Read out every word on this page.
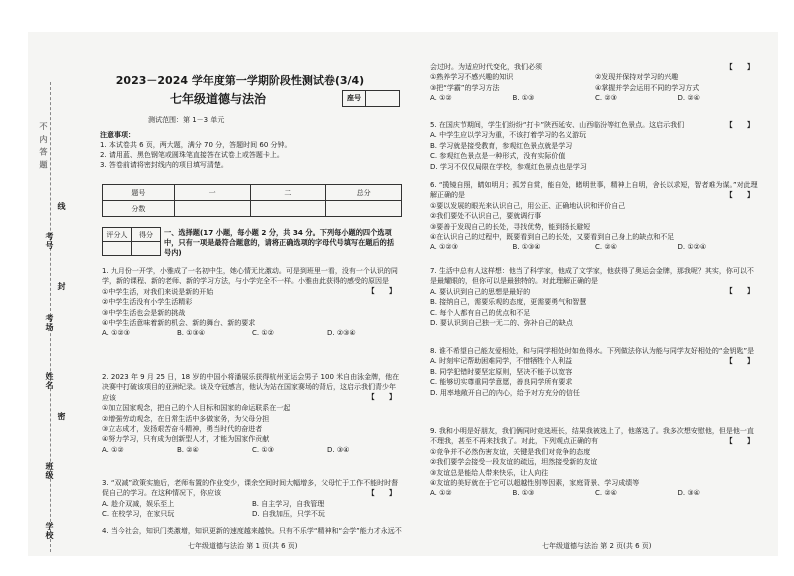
不 内 答 题
考号
考场
封
线
姓名
密
班级
学校
2023－2024 学年度第一学期阶段性测试卷(3/4)
七年级道德与法治	座号
测试范围：第 1－3 单元
注意事项：
1. 本试卷共 6 页，两大题，满分 70 分，答题时间 60 分钟。
2. 请用蓝、黑色钢笔或圆珠笔直接答在试卷上或答题卡上。
3. 答卷前请将密封线内的项目填写清楚。
题号	一	二	总分
分数			
评分人	得分
	一、选择题(17 小题，每小题 2 分，共 34 分。下列每小题的四个选项中，只有一项是最符合题意的，请将正确选项的字母代号填写在题后的括号内)
1. 九月份一开学，小雅成了一名初中生，她心情无比激动。可是到班里一看，没有一个认识的同学，新的课程、新的老师、新的学习方法，与小学完全不一样。小雅由此获得的感受的原因是
【 】
①中学生活，对我们来说是新的开始
②中学生活没有小学生活精彩
③中学生活也会是新的挑战
④中学生活意味着新的机会、新的舞台、新的要求
A. ①②③	B. ①③④	C. ①②	D. ②③④
2. 2023 年 9 月 25 日，18 岁的中国小将潘展乐获得杭州亚运会男子 100 米自由泳金牌，他在决赛中打破该项目的亚洲纪录。谈及夺冠感言，他认为站在国家赛场的背后，这启示我们青少年应该	【 】
①加立国家观念，把自己的个人目标和国家的命运联系在一起
②增强劳动观念，在日常生活中多做家务，为父母分担
③立志成才，发扬艰苦奋斗精神，勇当时代的奋进者
④努力学习，只有成为创新型人才，才能为国家作贡献
A. ①②	B. ②④	C. ①③	D. ③④
3. “双减”政策实施后，老师布置的作业变少，课余空间时间大幅增多，父母忙于工作不能时时督促自己的学习。在这种情况下，你应该	【 】
A. 趁介双减，娱乐至上	B. 自主学习，自我管理
C. 在校学习，在家只玩	D. 自我加压，只学不玩
4. 当今社会，知识门类激增，知识更新的速度越来越快。只有不乐学“精神和“会学”能力才永远不
七年级道德与法治 第 1 页(共 6 页)
会过时。为适应时代变化，我们必须	【 】
①熟养学习不感兴趣的知识	②发现并保持对学习的兴趣
③把“学霸”的学习方法	④掌握并学会运用不同的学习方式
A. ①②	B. ①③	C. ②③	D. ②④
5. 在国庆节期间，学生们纷纷“打卡”陕西延安、山西临汾等红色景点。这启示我们	【 】
A. 中学生应以学习为重，不该打着学习的名义游玩
B. 学习就是接受教育，参观红色景点就是学习
C. 参观红色景点是一种形式，没有实际价值
D. 学习不仅仅局限在学校，参观红色景点也是学习
6. “揽镜自照，睛如明月；孤芳自赏，能自处，睹明世事，精神上自明，舍长以求短，智者难为谋。”对此理解正确的是	【 】
①要以发展的眼光来认识自己，用公正、正确地认识和评价自己
②我们要处不认识自己，要就调行事
③要善于发现自己的长处，寻找优势，能到扬长避短
④在认识自己的过程中，既要看到自己的长处，又要看到自己身上的缺点和不足
A. ①②③	B. ①③④	C. ②④	D. ①②④
7. 生活中总有人这样想：他当了科学家，他成了文学家，他获得了奥运会金牌，那我呢？其实，你可以不是最耀眼的，但你可以是最独特的。对此理解正确的是
【 】
A. 要认识到自己的思想是最好的
B. 接纳自己，需要乐观的态度，更需要勇气和智慧
C. 每个人都有自己的优点和不足
D. 要认识到自己独一无二的、弥补自己的缺点
8. 谁不希望自己能友爱相处，和与同学相处时如鱼得水。下列做法你认为能与同学友好相处的“金钥匙”是
【 】
A. 时刻牢记帮助困难同学，不惜牺牲个人利益
B. 同学犯错时要坚定原则，坚决不能予以宽容
C. 能够切实尊重同学意愿，善良同学所有要求
D. 用率地敞开自己的内心，给予对方充分的信任
9. 我和小明是好朋友，我们俩同时竞选班长，结果我被选上了，他落选了。我多次想安慰他，但是他一直不理我，甚至不再来找我了。对此，下列观点正确的有	【 】
①竞争并不必然伤害友谊，关键是我们对竞争的态度
②我们要学会接受一段友谊的疏远，坦然接受新的友谊
③友谊总是能给人带来快乐，让人向往
④友谊的美好就在于它可以超越性别等因素，家庭背景、学习成绩等
A. ①②	B. ①③	C. ②④	D. ③④
七年级道德与法治 第 2 页(共 6 页)
